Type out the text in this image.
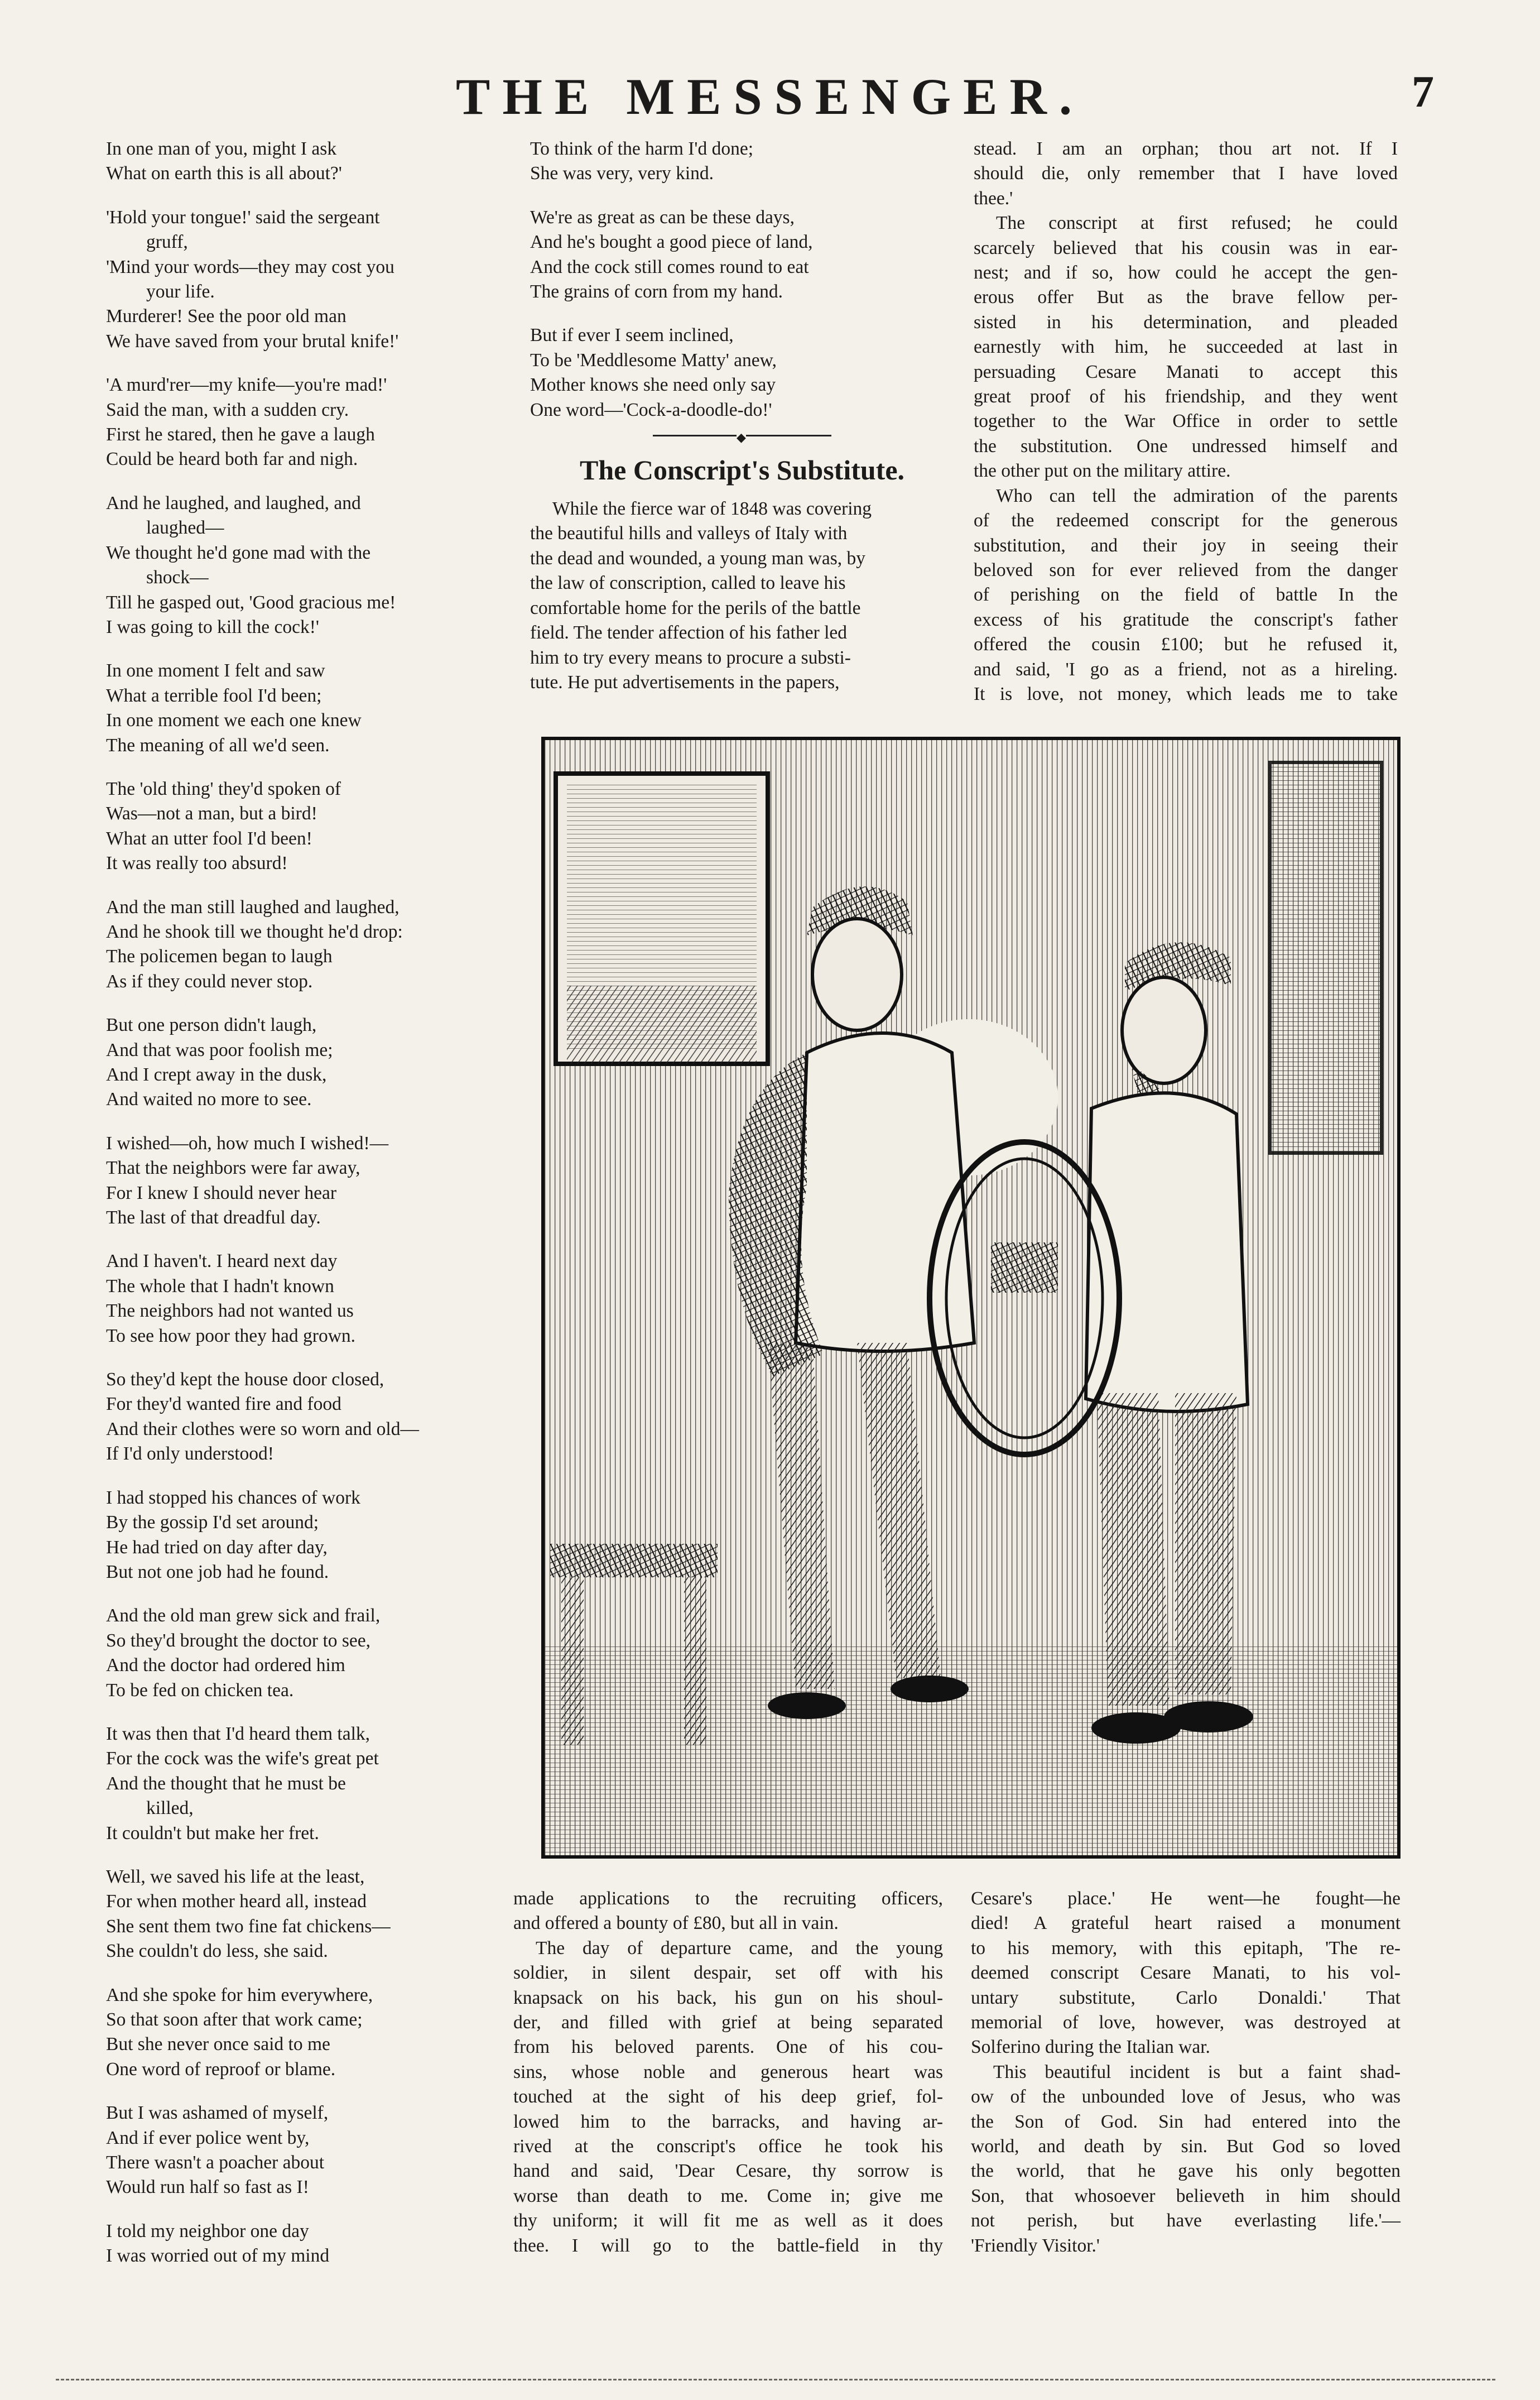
THE MESSENGER.	7

In one man of you, might I ask

What on earth this is all about?'

'Hold your tongue!' said the sergeant

gruff,

'Mind your words—they may cost you

your life.

Murderer! See the poor old man

We have saved from your brutal knife!'

'A murd'rer—my knife—you're mad!'

Said the man, with a sudden cry.

First he stared, then he gave a laugh

Could be heard both far and nigh.

And he laughed, and laughed, and

laughed—

We thought he'd gone mad with the

shock—

Till he gasped out, 'Good gracious me!

I was going to kill the cock!'

In one moment I felt and saw

What a terrible fool I'd been;

In one moment we each one knew

The meaning of all we'd seen.

The 'old thing' they'd spoken of

Was—not a man, but a bird!

What an utter fool I'd been!

It was really too absurd!

And the man still laughed and laughed,

And he shook till we thought he'd drop:

The policemen began to laugh

As if they could never stop.

But one person didn't laugh,

And that was poor foolish me;

And I crept away in the dusk,

And waited no more to see.

I wished—oh, how much I wished!—

That the neighbors were far away,

For I knew I should never hear

The last of that dreadful day.

And I haven't. I heard next day

The whole that I hadn't known

The neighbors had not wanted us

To see how poor they had grown.

So they'd kept the house door closed,

For they'd wanted fire and food

And their clothes were so worn and old—

If I'd only understood!

I had stopped his chances of work

By the gossip I'd set around;

He had tried on day after day,

But not one job had he found.

And the old man grew sick and frail,

So they'd brought the doctor to see,

And the doctor had ordered him

To be fed on chicken tea.

It was then that I'd heard them talk,

For the cock was the wife's great pet

And the thought that he must be

killed,

It couldn't but make her fret.

Well, we saved his life at the least,

For when mother heard all, instead

She sent them two fine fat chickens—

She couldn't do less, she said.

And she spoke for him everywhere,

So that soon after that work came;

But she never once said to me

One word of reproof or blame.

But I was ashamed of myself,

And if ever police went by,

There wasn't a poacher about

Would run half so fast as I!

I told my neighbor one day

I was worried out of my mind

To think of the harm I'd done;

She was very, very kind.

We're as great as can be these days,

And he's bought a good piece of land,

And the cock still comes round to eat

The grains of corn from my hand.

But if ever I seem inclined,

To be 'Meddlesome Matty' anew,

Mother knows she need only say

One word—'Cock-a-doodle-do!'

◆

The Conscript's Substitute.

While the fierce war of 1848 was covering

the beautiful hills and valleys of Italy with

the dead and wounded, a young man was, by

the law of conscription, called to leave his

comfortable home for the perils of the battle

field. The tender affection of his father led

him to try every means to procure a substi-

tute. He put advertisements in the papers,

stead. I am an orphan; thou art not. If I

should die, only remember that I have loved

thee.'

The conscript at first refused; he could

scarcely believed that his cousin was in ear-

nest; and if so, how could he accept the gen-

erous offer But as the brave fellow per-

sisted in his determination, and pleaded

earnestly with him, he succeeded at last in

persuading Cesare Manati to accept this

great proof of his friendship, and they went

together to the War Office in order to settle

the substitution. One undressed himself and

the other put on the military attire.

Who can tell the admiration of the parents

of the redeemed conscript for the generous

substitution, and their joy in seeing their

beloved son for ever relieved from the danger

of perishing on the field of battle In the

excess of his gratitude the conscript's father

offered the cousin £100; but he refused it,

and said, 'I go as a friend, not as a hireling.

It is love, not money, which leads me to take

made applications to the recruiting officers,

and offered a bounty of £80, but all in vain.

The day of departure came, and the young

soldier, in silent despair, set off with his

knapsack on his back, his gun on his shoul-

der, and filled with grief at being separated

from his beloved parents. One of his cou-

sins, whose noble and generous heart was

touched at the sight of his deep grief, fol-

lowed him to the barracks, and having ar-

rived at the conscript's office he took his

hand and said, 'Dear Cesare, thy sorrow is

worse than death to me. Come in; give me

thy uniform; it will fit me as well as it does

thee. I will go to the battle-field in thy

Cesare's place.' He went—he fought—he

died! A grateful heart raised a monument

to his memory, with this epitaph, 'The re-

deemed conscript Cesare Manati, to his vol-

untary substitute, Carlo Donaldi.' That

memorial of love, however, was destroyed at

Solferino during the Italian war.

This beautiful incident is but a faint shad-

ow of the unbounded love of Jesus, who was

the Son of God. Sin had entered into the

world, and death by sin. But God so loved

the world, that he gave his only begotten

Son, that whosoever believeth in him should

not perish, but have everlasting life.'—

'Friendly Visitor.'
